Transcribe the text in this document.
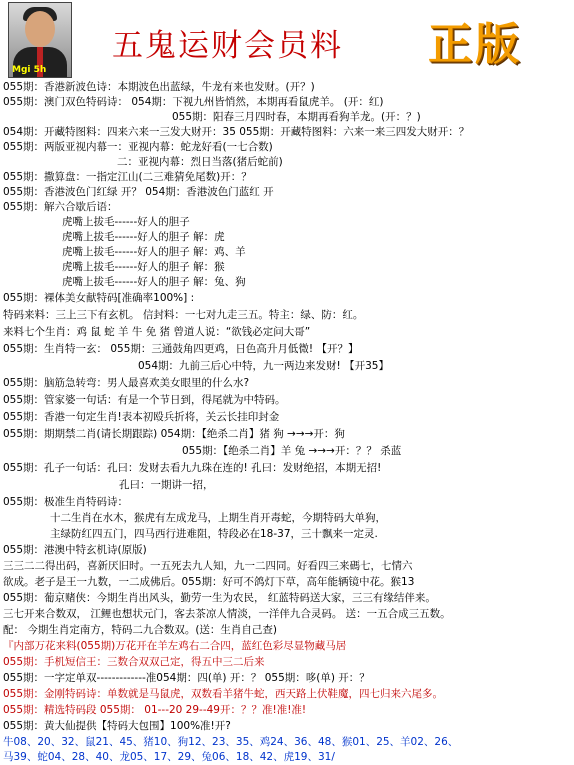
Mgi 5h
五鬼运财会员料 正版
055期：香港新波色诗：本期波色出蓝绿，牛龙有来也发财。(开？)
055期：澳门双色特码诗： 054期：下视九州皆悄然，本期再看鼠虎羊。 (开：红)
055期：阳春三月四时春，本期再看狗羊龙。(开：？)
054期：开藏特图料：四来六来一三发大财开：35 055期：开藏特图料：六来一来三四发大财开：？
055期：两版亚视内幕一：亚视内幕：蛇龙好看(一七合数)
二：亚视内幕：烈日当落(猪后蛇前)
055期：撒算盘：一指定江山(二三难猜免尾数)开：？
055期：香港波色门红绿 开？ 054期：香港波色门蓝红 开
055期：解六合歇后语：
虎嘴上拔毛------好人的胆子
虎嘴上拔毛------好人的胆子 解：虎
虎嘴上拔毛------好人的胆子 解：鸡、羊
虎嘴上拔毛------好人的胆子 解：猴
虎嘴上拔毛------好人的胆子 解：兔、狗
055期：裸体美女献特码[准确率100%] :
特码来料：三上三下有玄机。 信封料：一七对九走三五。特主：绿、防：红。
来料七个生肖：鸡 鼠 蛇 羊 牛 免 猪 曾道人说：“欲钱必定问大哥”
055期：生肖特一玄： 055期：三通鼓角四更鸡，日色高升月低微! 【开？】
054期：九前三后心中特，九一两边来发财! 【开35】
055期：脑筋急转弯：男人最喜欢美女眼里的什么水?
055期：管家婆一句话：有是一个节日到，得尾就为中特码。
055期：香港一句定生肖!表本初殴兵折将，关云长挂印封金
055期：期期禁二肖(请长期跟踪) 054期：【绝杀二肖】猪 狗 →→→开：狗
055期：【绝杀二肖】羊 兔 →→→开：？？ 杀蓝
055期：孔子一句话：孔曰：发财去看九九珠在连的! 孔曰：发财绝招，本期无招!
孔曰：一期讲一招，
055期：极准生肖特码诗：
十二生肖在水木，猴虎有左成龙马，上期生肖开毒蛇，今期特码大单狗，
主绿防红四五门，四马西行进难阻，特段必在18-37，三十飘来一定灵.
055期：港澳中特玄机诗(原版)
三三二二得出码，喜新厌旧时。一五死去九人知，九一二四同。好看四三来碼七，七情六
欲成。老子是王一九数，一二成佛后。055期：好可不鸽灯下草，高年能辆镜中花。猴13
055期：葡京赌侠：今期生肖出风头，勤劳一生为农民， 红蓝特码送大家，三三有缘结伴来。
三七开来合数双， 江鲤也想状元门，客去茶凉人情淡，一洋伴九合灵码。 送：一五合成三五数。
配： 今期生肖定南方，特码二九合数双。(送：生肖自己查)
『内部万花来料(055期)万花开在羊左鸡右二合四，蓝红色彩尽显物藏马居
055期：手机短信王：三数合双双己定，得五中三二后来
055期：一字定单双-------------准054期：四(单) 开：？ 055期：哆(单) 开：？
055期：金刚特码诗：单数就是马鼠虎，双数看羊猪牛蛇，西天路上伏鞋魔，四七归来六尾多。
055期：精选特码段 055期： 01---20 29--49开：？？准!准!准!
055期：黄大仙提供【特码大包围】100%准!开?
牛08、20、32、鼠21、45、猪10、狗12、23、35、鸡24、36、48、猴01、25、羊02、26、
马39、蛇04、28、40、龙05、17、29、兔06、18、42、虎19、31/
